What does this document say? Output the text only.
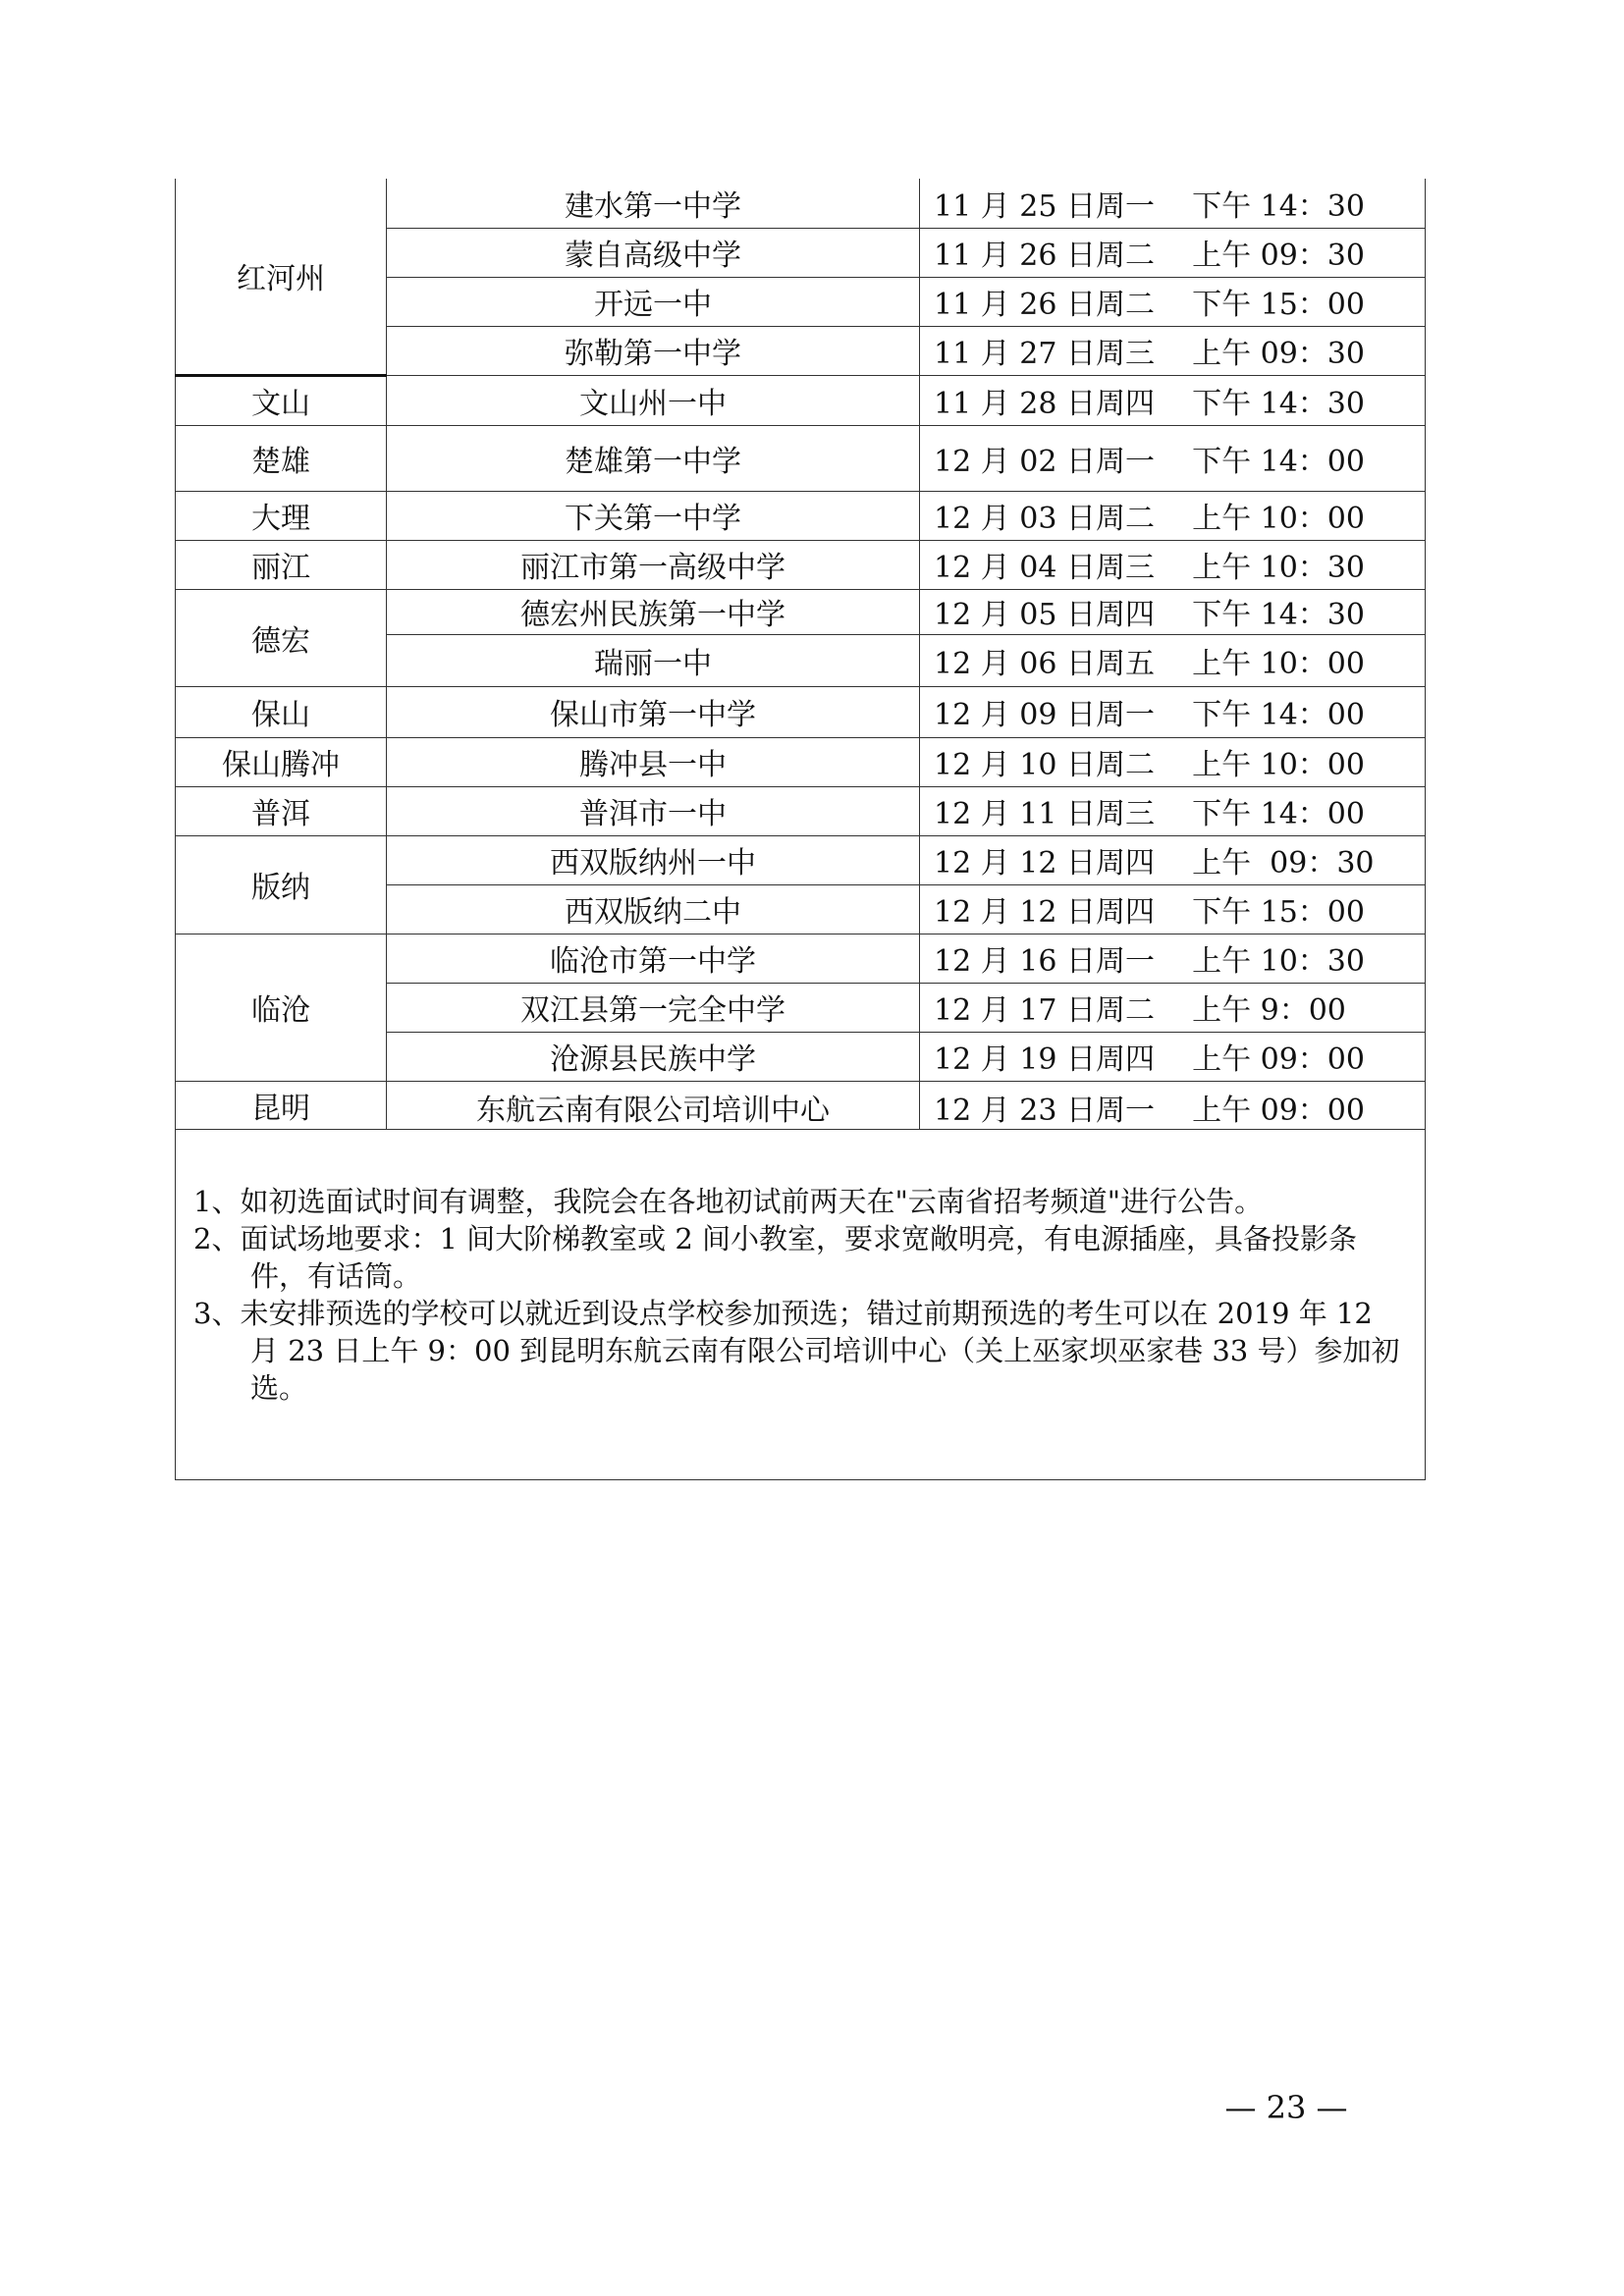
红河州	建水第一中学	11 月 25 日周一    下午 14：30
	蒙自高级中学	11 月 26 日周二    上午 09：30
	开远一中	11 月 26 日周二    下午 15：00
	弥勒第一中学	11 月 27 日周三    上午 09：30
文山	文山州一中	11 月 28 日周四    下午 14：30
楚雄	楚雄第一中学	12 月 02 日周一    下午 14：00
大理	下关第一中学	12 月 03 日周二    上午 10：00
丽江	丽江市第一高级中学	12 月 04 日周三    上午 10：30
德宏	德宏州民族第一中学	12 月 05 日周四    下午 14：30
	瑞丽一中	12 月 06 日周五    上午 10：00
保山	保山市第一中学	12 月 09 日周一    下午 14：00
保山腾冲	腾冲县一中	12 月 10 日周二    上午 10：00
普洱	普洱市一中	12 月 11 日周三    下午 14：00
版纳	西双版纳州一中	12 月 12 日周四    上午  09：30
	西双版纳二中	12 月 12 日周四    下午 15：00
临沧	临沧市第一中学	12 月 16 日周一    上午 10：30
	双江县第一完全中学	12 月 17 日周二    上午 9：00
	沧源县民族中学	12 月 19 日周四    上午 09：00
昆明	东航云南有限公司培训中心	12 月 23 日周一    上午 09：00

1、如初选面试时间有调整，我院会在各地初试前两天在"云南省招考频道"进行公告。

2、面试场地要求：1 间大阶梯教室或 2 间小教室，要求宽敞明亮，有电源插座，具备投影条件，有话筒。

3、未安排预选的学校可以就近到设点学校参加预选；错过前期预选的考生可以在 2019 年 12 月 23 日上午 9：00 到昆明东航云南有限公司培训中心（关上巫家坝巫家巷 33 号）参加初选。		

— 23 —
